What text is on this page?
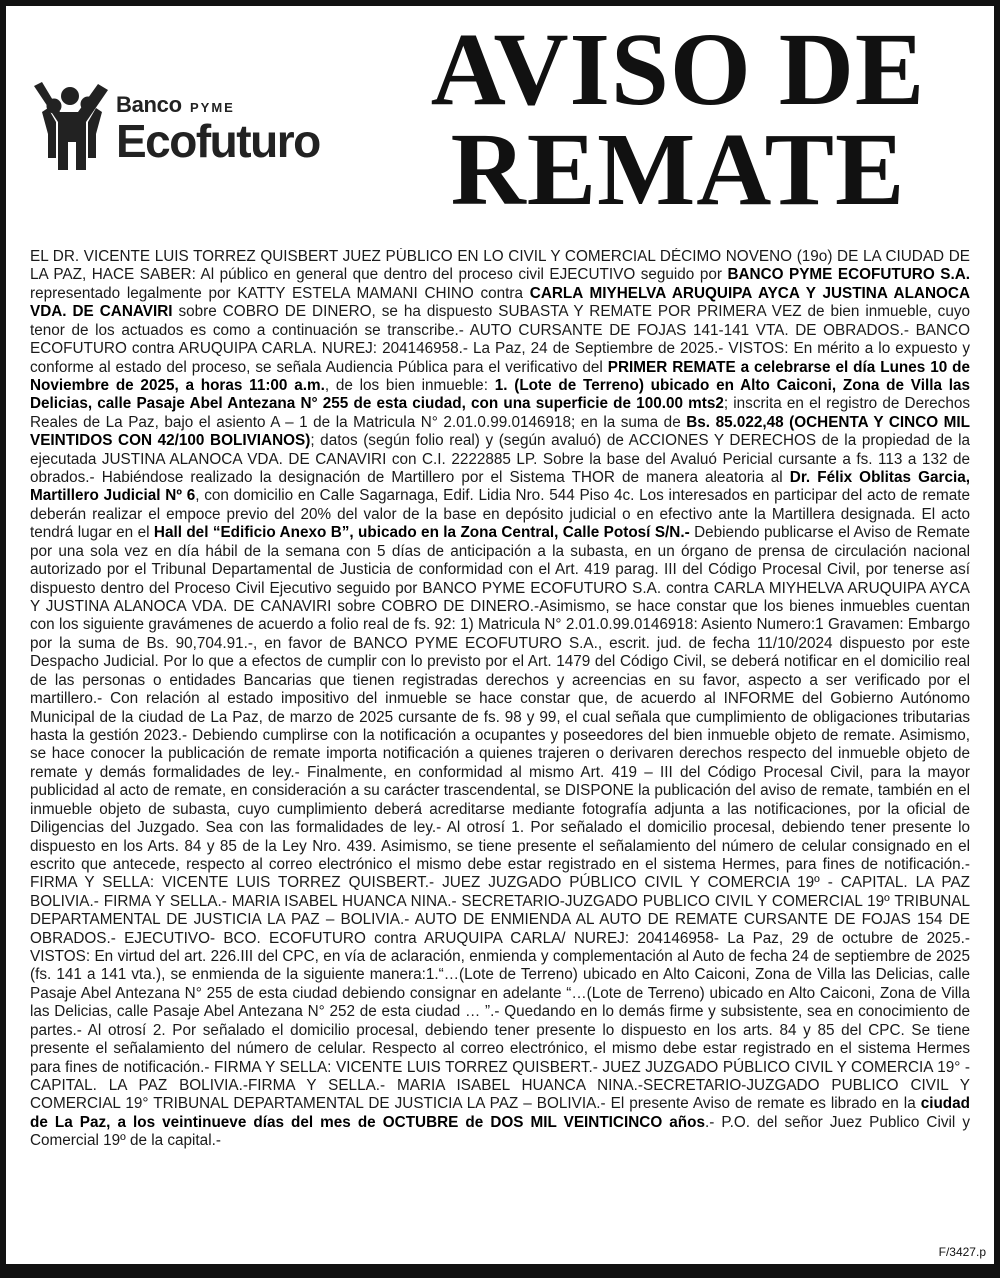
Banco PYME
Ecofuturo
AVISO DE
REMATE
EL DR. VICENTE LUIS TORREZ QUISBERT JUEZ PÚBLICO EN LO CIVIL Y COMERCIAL DÉCIMO NOVENO (19o) DE LA CIUDAD DE LA PAZ, HACE SABER: Al público en general que dentro del proceso civil EJECUTIVO seguido por BANCO PYME ECOFUTURO S.A. representado legalmente por KATTY ESTELA MAMANI CHINO contra CARLA MIYHELVA ARUQUIPA AYCA Y JUSTINA ALANOCA VDA. DE CANAVIRI sobre COBRO DE DINERO, se ha dispuesto SUBASTA Y REMATE POR PRIMERA VEZ de bien inmueble, cuyo tenor de los actuados es como a continuación se transcribe.- AUTO CURSANTE DE FOJAS 141-141 VTA. DE OBRADOS.- BANCO ECOFUTURO contra ARUQUIPA CARLA. NUREJ: 204146958.- La Paz, 24 de Septiembre de 2025.- VISTOS: En mérito a lo expuesto y conforme al estado del proceso, se señala Audiencia Pública para el verificativo del PRIMER REMATE a celebrarse el día Lunes 10 de Noviembre de 2025, a horas 11:00 a.m., de los bien inmueble: 1. (Lote de Terreno) ubicado en Alto Caiconi, Zona de Villa las Delicias, calle Pasaje Abel Antezana N° 255 de esta ciudad, con una superficie de 100.00 mts2; inscrita en el registro de Derechos Reales de La Paz, bajo el asiento A – 1 de la Matricula N° 2.01.0.99.0146918; en la suma de Bs. 85.022,48 (OCHENTA Y CINCO MIL VEINTIDOS CON 42/100 BOLIVIANOS); datos (según folio real) y (según avaluó) de ACCIONES Y DERECHOS de la propiedad de la ejecutada JUSTINA ALANOCA VDA. DE CANAVIRI con C.I. 2222885 LP. Sobre la base del Avaluó Pericial cursante a fs. 113 a 132 de obrados.- Habiéndose realizado la designación de Martillero por el Sistema THOR de manera aleatoria al Dr. Félix Oblitas Garcia, Martillero Judicial Nº 6, con domicilio en Calle Sagarnaga, Edif. Lidia Nro. 544 Piso 4c. Los interesados en participar del acto de remate deberán realizar el empoce previo del 20% del valor de la base en depósito judicial o en efectivo ante la Martillera designada. El acto tendrá lugar en el Hall del “Edificio Anexo B”, ubicado en la Zona Central, Calle Potosí S/N.- Debiendo publicarse el Aviso de Remate por una sola vez en día hábil de la semana con 5 días de anticipación a la subasta, en un órgano de prensa de circulación nacional autorizado por el Tribunal Departamental de Justicia de conformidad con el Art. 419 parag. III del Código Procesal Civil, por tenerse así dispuesto dentro del Proceso Civil Ejecutivo seguido por BANCO PYME ECOFUTURO S.A. contra CARLA MIYHELVA ARUQUIPA AYCA Y JUSTINA ALANOCA VDA. DE CANAVIRI sobre COBRO DE DINERO.-Asimismo, se hace constar que los bienes inmuebles cuentan con los siguiente gravámenes de acuerdo a folio real de fs. 92: 1) Matricula N° 2.01.0.99.0146918: Asiento Numero:1 Gravamen: Embargo por la suma de Bs. 90,704.91.-, en favor de BANCO PYME ECOFUTURO S.A., escrit. jud. de fecha 11/10/2024 dispuesto por este Despacho Judicial. Por lo que a efectos de cumplir con lo previsto por el Art. 1479 del Código Civil, se deberá notificar en el domicilio real de las personas o entidades Bancarias que tienen registradas derechos y acreencias en su favor, aspecto a ser verificado por el martillero.- Con relación al estado impositivo del inmueble se hace constar que, de acuerdo al INFORME del Gobierno Autónomo Municipal de la ciudad de La Paz, de marzo de 2025 cursante de fs. 98 y 99, el cual señala que cumplimiento de obligaciones tributarias hasta la gestión 2023.- Debiendo cumplirse con la notificación a ocupantes y poseedores del bien inmueble objeto de remate. Asimismo, se hace conocer la publicación de remate importa notificación a quienes trajeren o derivaren derechos respecto del inmueble objeto de remate y demás formalidades de ley.- Finalmente, en conformidad al mismo Art. 419 – III del Código Procesal Civil, para la mayor publicidad al acto de remate, en consideración a su carácter trascendental, se DISPONE la publicación del aviso de remate, también en el inmueble objeto de subasta, cuyo cumplimiento deberá acreditarse mediante fotografía adjunta a las notificaciones, por la oficial de Diligencias del Juzgado. Sea con las formalidades de ley.- Al otrosí 1. Por señalado el domicilio procesal, debiendo tener presente lo dispuesto en los Arts. 84 y 85 de la Ley Nro. 439. Asimismo, se tiene presente el señalamiento del número de celular consignado en el escrito que antecede, respecto al correo electrónico el mismo debe estar registrado en el sistema Hermes, para fines de notificación.- FIRMA Y SELLA: VICENTE LUIS TORREZ QUISBERT.- JUEZ JUZGADO PÚBLICO CIVIL Y COMERCIA 19º - CAPITAL. LA PAZ BOLIVIA.- FIRMA Y SELLA.- MARIA ISABEL HUANCA NINA.- SECRETARIO-JUZGADO PUBLICO CIVIL Y COMERCIAL 19º TRIBUNAL DEPARTAMENTAL DE JUSTICIA LA PAZ – BOLIVIA.- AUTO DE ENMIENDA AL AUTO DE REMATE CURSANTE DE FOJAS 154 DE OBRADOS.- EJECUTIVO- BCO. ECOFUTURO contra ARUQUIPA CARLA/ NUREJ: 204146958- La Paz, 29 de octubre de 2025.- VISTOS: En virtud del art. 226.III del CPC, en vía de aclaración, enmienda y complementación al Auto de fecha 24 de septiembre de 2025 (fs. 141 a 141 vta.), se enmienda de la siguiente manera:1.“…(Lote de Terreno) ubicado en Alto Caiconi, Zona de Villa las Delicias, calle Pasaje Abel Antezana N° 255 de esta ciudad debiendo consignar en adelante “…(Lote de Terreno) ubicado en Alto Caiconi, Zona de Villa las Delicias, calle Pasaje Abel Antezana N° 252 de esta ciudad … ”.- Quedando en lo demás firme y subsistente, sea en conocimiento de partes.- Al otrosí 2. Por señalado el domicilio procesal, debiendo tener presente lo dispuesto en los arts. 84 y 85 del CPC. Se tiene presente el señalamiento del número de celular. Respecto al correo electrónico, el mismo debe estar registrado en el sistema Hermes para fines de notificación.- FIRMA Y SELLA: VICENTE LUIS TORREZ QUISBERT.- JUEZ JUZGADO PÚBLICO CIVIL Y COMERCIA 19° - CAPITAL. LA PAZ BOLIVIA.-FIRMA Y SELLA.- MARIA ISABEL HUANCA NINA.-SECRETARIO-JUZGADO PUBLICO CIVIL Y COMERCIAL 19° TRIBUNAL DEPARTAMENTAL DE JUSTICIA LA PAZ – BOLIVIA.- El presente Aviso de remate es librado en la ciudad de La Paz, a los veintinueve días del mes de OCTUBRE de DOS MIL VEINTICINCO años.- P.O. del señor Juez Publico Civil y Comercial 19º de la capital.-
F/3427.p
